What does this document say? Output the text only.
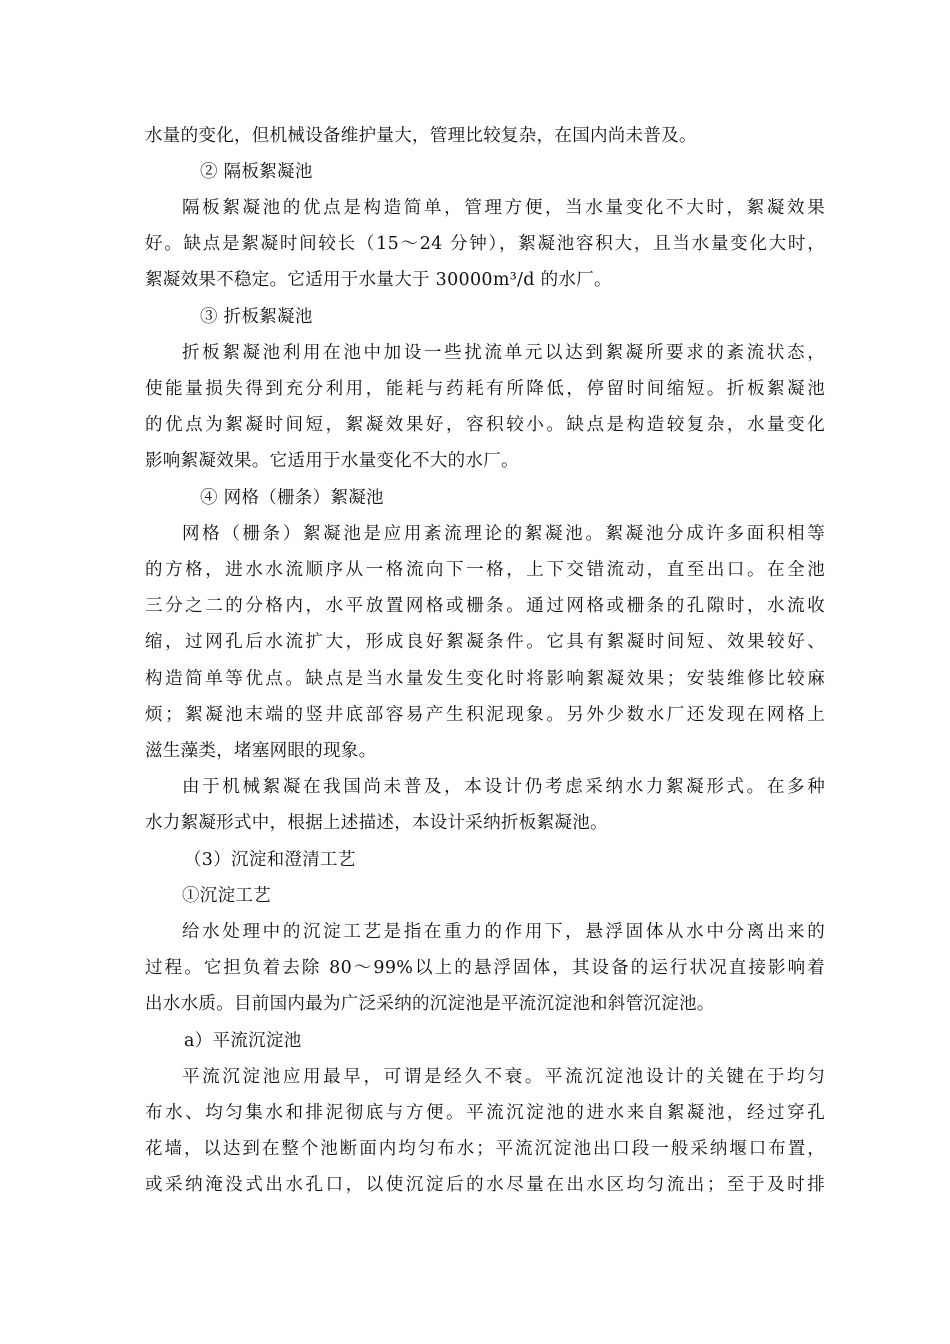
水量的变化，但机械设备维护量大，管理比较复杂，在国内尚未普及。
② 隔板絮凝池
隔板絮凝池的优点是构造简单，管理方便，当水量变化不大时，絮凝效果
好。缺点是絮凝时间较长（15～24 分钟），絮凝池容积大，且当水量变化大时，
絮凝效果不稳定。它适用于水量大于 30000m³/d 的水厂。
③ 折板絮凝池
折板絮凝池利用在池中加设一些扰流单元以达到絮凝所要求的紊流状态，
使能量损失得到充分利用，能耗与药耗有所降低，停留时间缩短。折板絮凝池
的优点为絮凝时间短，絮凝效果好，容积较小。缺点是构造较复杂，水量变化
影响絮凝效果。它适用于水量变化不大的水厂。
④ 网格（栅条）絮凝池
网格（栅条）絮凝池是应用紊流理论的絮凝池。絮凝池分成许多面积相等
的方格，进水水流顺序从一格流向下一格，上下交错流动，直至出口。在全池
三分之二的分格内，水平放置网格或栅条。通过网格或栅条的孔隙时，水流收
缩，过网孔后水流扩大，形成良好絮凝条件。它具有絮凝时间短、效果较好、
构造简单等优点。缺点是当水量发生变化时将影响絮凝效果；安装维修比较麻
烦；絮凝池末端的竖井底部容易产生积泥现象。另外少数水厂还发现在网格上
滋生藻类，堵塞网眼的现象。
由于机械絮凝在我国尚未普及，本设计仍考虑采纳水力絮凝形式。在多种
水力絮凝形式中，根据上述描述，本设计采纳折板絮凝池。
（3）沉淀和澄清工艺
①沉淀工艺
给水处理中的沉淀工艺是指在重力的作用下，悬浮固体从水中分离出来的
过程。它担负着去除 80～99%以上的悬浮固体，其设备的运行状况直接影响着
出水水质。目前国内最为广泛采纳的沉淀池是平流沉淀池和斜管沉淀池。
a）平流沉淀池
平流沉淀池应用最早，可谓是经久不衰。平流沉淀池设计的关键在于均匀
布水、均匀集水和排泥彻底与方便。平流沉淀池的进水来自絮凝池，经过穿孔
花墙，以达到在整个池断面内均匀布水；平流沉淀池出口段一般采纳堰口布置，
或采纳淹没式出水孔口，以使沉淀后的水尽量在出水区均匀流出；至于及时排
